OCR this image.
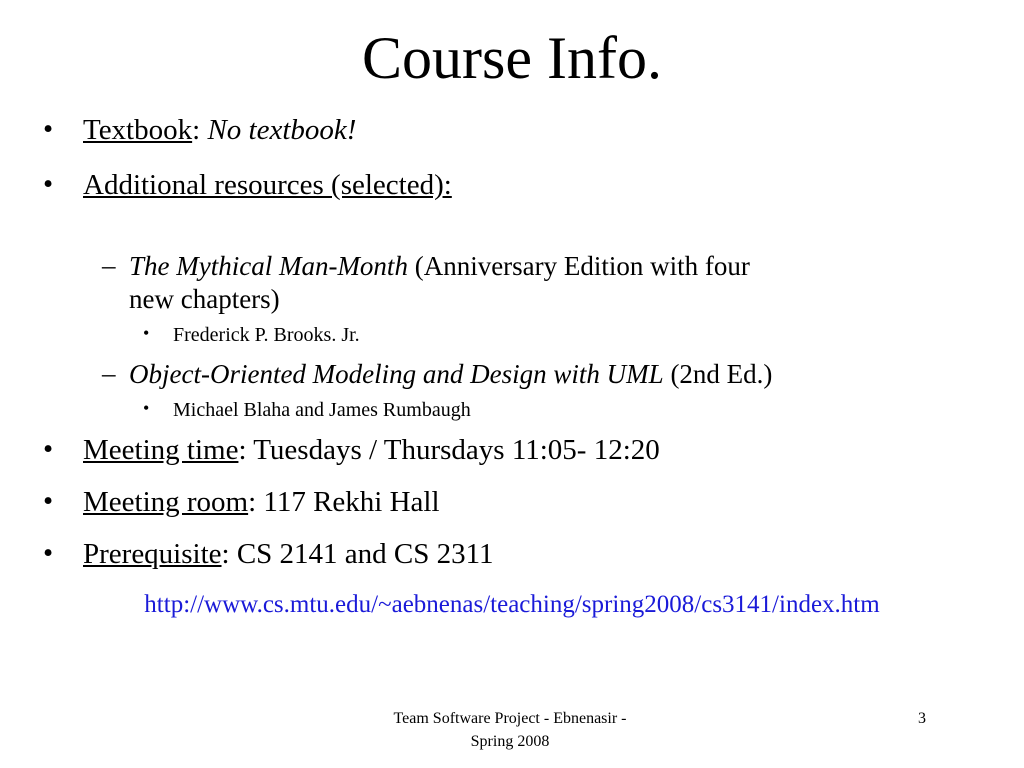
Course Info.
• Textbook: No textbook!
• Additional resources (selected):
– The Mythical Man-Month (Anniversary Edition with four
new chapters)
• Frederick P. Brooks. Jr.
– Object-Oriented Modeling and Design with UML (2nd Ed.)
• Michael Blaha and James Rumbaugh
• Meeting time: Tuesdays / Thursdays 11:05- 12:20
• Meeting room: 117 Rekhi Hall
• Prerequisite: CS 2141 and CS 2311
http://www.cs.mtu.edu/~aebnenas/teaching/spring2008/cs3141/index.htm
Team Software Project - Ebnenasir -
Spring 2008
3
